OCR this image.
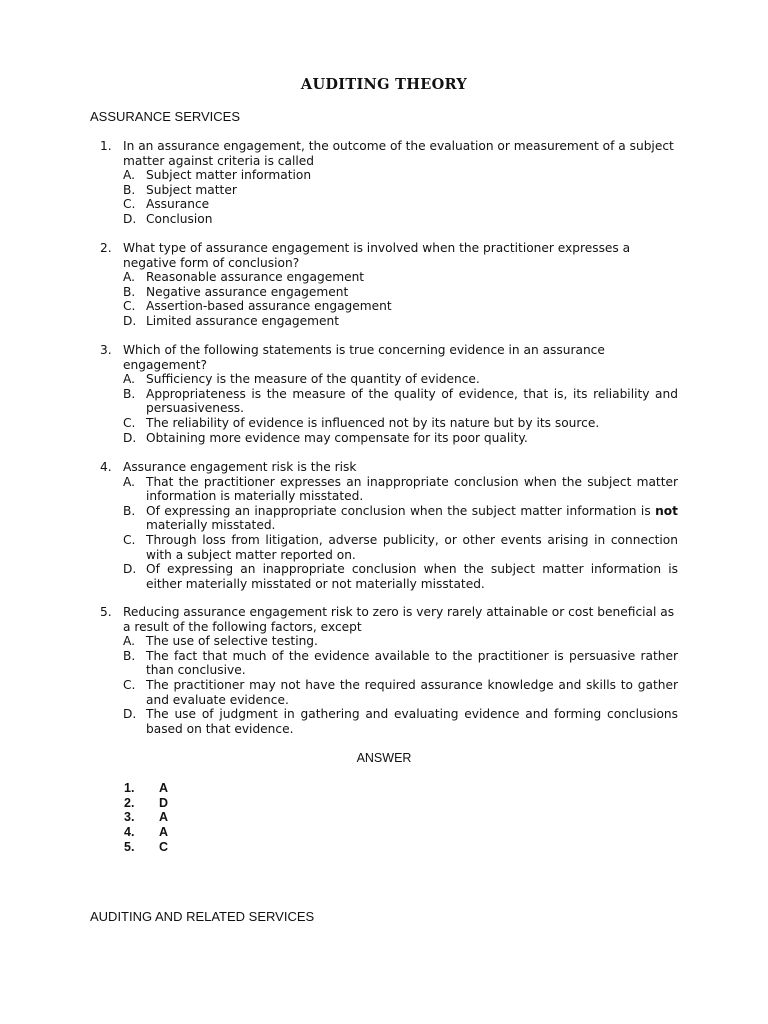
AUDITING THEORY
ASSURANCE SERVICES
1. In an assurance engagement, the outcome of the evaluation or measurement of a subject matter against criteria is called
A. Subject matter information
B. Subject matter
C. Assurance
D. Conclusion
2. What type of assurance engagement is involved when the practitioner expresses a negative form of conclusion?
A. Reasonable assurance engagement
B. Negative assurance engagement
C. Assertion-based assurance engagement
D. Limited assurance engagement
3. Which of the following statements is true concerning evidence in an assurance engagement?
A. Sufficiency is the measure of the quantity of evidence.
B. Appropriateness is the measure of the quality of evidence, that is, its reliability and persuasiveness.
C. The reliability of evidence is influenced not by its nature but by its source.
D. Obtaining more evidence may compensate for its poor quality.
4. Assurance engagement risk is the risk
A. That the practitioner expresses an inappropriate conclusion when the subject matter information is materially misstated.
B. Of expressing an inappropriate conclusion when the subject matter information is not materially misstated.
C. Through loss from litigation, adverse publicity, or other events arising in connection with a subject matter reported on.
D. Of expressing an inappropriate conclusion when the subject matter information is either materially misstated or not materially misstated.
5. Reducing assurance engagement risk to zero is very rarely attainable or cost beneficial as a result of the following factors, except
A. The use of selective testing.
B. The fact that much of the evidence available to the practitioner is persuasive rather than conclusive.
C. The practitioner may not have the required assurance knowledge and skills to gather and evaluate evidence.
D. The use of judgment in gathering and evaluating evidence and forming conclusions based on that evidence.
ANSWER
1. A
2. D
3. A
4. A
5. C
AUDITING AND RELATED SERVICES
